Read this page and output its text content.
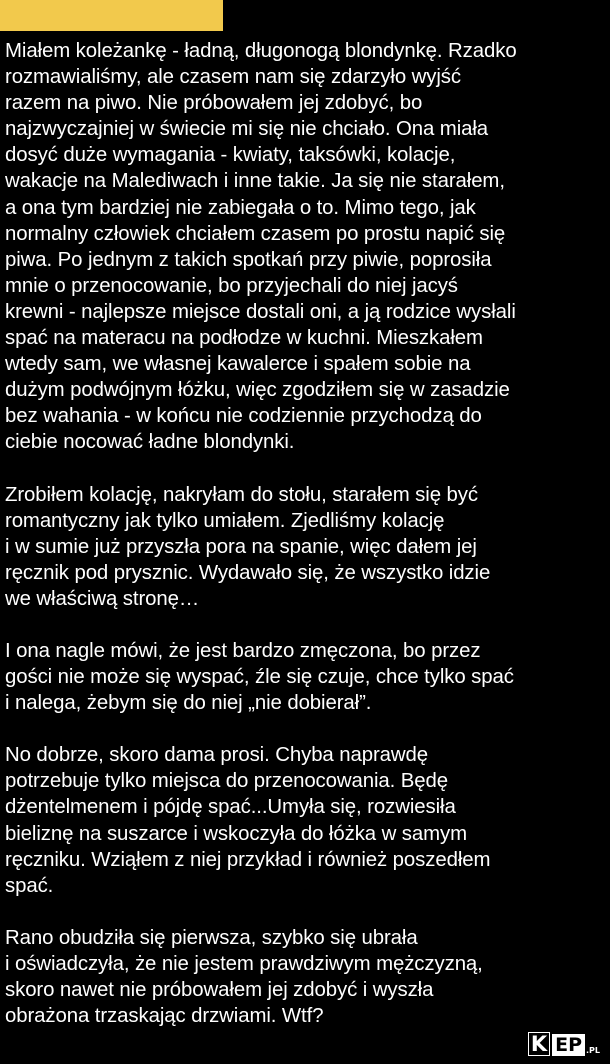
Miałem koleżankę - ładną, długonogą blondynkę. Rzadko
rozmawialiśmy, ale czasem nam się zdarzyło wyjść
razem na piwo. Nie próbowałem jej zdobyć, bo
najzwyczajniej w świecie mi się nie chciało. Ona miała
dosyć duże wymagania - kwiaty, taksówki, kolacje,
wakacje na Malediwach i inne takie. Ja się nie starałem,
a ona tym bardziej nie zabiegała o to. Mimo tego, jak
normalny człowiek chciałem czasem po prostu napić się
piwa. Po jednym z takich spotkań przy piwie, poprosiła
mnie o przenocowanie, bo przyjechali do niej jacyś
krewni - najlepsze miejsce dostali oni, a ją rodzice wysłali
spać na materacu na podłodze w kuchni. Mieszkałem
wtedy sam, we własnej kawalerce i spałem sobie na
dużym podwójnym łóżku, więc zgodziłem się w zasadzie
bez wahania - w końcu nie codziennie przychodzą do
ciebie nocować ładne blondynki.

Zrobiłem kolację, nakryłam do stołu, starałem się być
romantyczny jak tylko umiałem. Zjedliśmy kolację
i w sumie już przyszła pora na spanie, więc dałem jej
ręcznik pod prysznic. Wydawało się, że wszystko idzie
we właściwą stronę…

I ona nagle mówi, że jest bardzo zmęczona, bo przez
gości nie może się wyspać, źle się czuje, chce tylko spać
i nalega, żebym się do niej „nie dobierał”.

No dobrze, skoro dama prosi. Chyba naprawdę
potrzebuje tylko miejsca do przenocowania. Będę
dżentelmenem i pójdę spać...Umyła się, rozwiesiła
bieliznę na suszarce i wskoczyła do łóżka w samym
ręczniku. Wziąłem z niej przykład i również poszedłem
spać.

Rano obudziła się pierwsza, szybko się ubrała
i oświadczyła, że nie jestem prawdziwym mężczyzną,
skoro nawet nie próbowałem jej zdobyć i wyszła
obrażona trzaskając drzwiami. Wtf?

K EP .PL
